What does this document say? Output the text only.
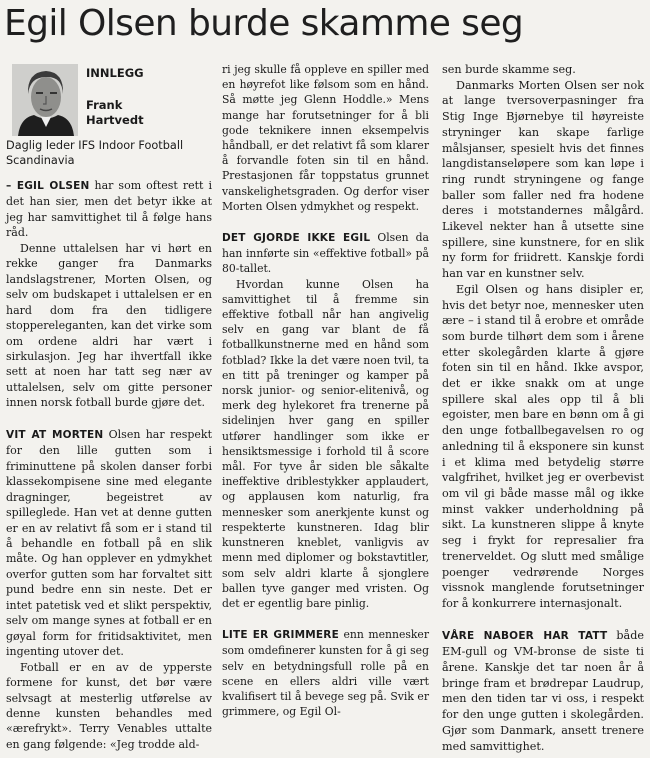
Egil Olsen burde skamme seg
INNLEGG
Frank
Hartvedt
Daglig leder IFS Indoor Football Scandinavia

– EGIL OLSEN har som oftest rett i det han sier, men det betyr ikke at jeg har samvittighet til å følge hans råd.

Denne uttalelsen har vi hørt en rekke ganger fra Danmarks landslagstrener, Morten Olsen, og selv om budskapet i uttalelsen er en hard dom fra den tidligere stoppereleganten, kan det virke som om ordene aldri har vært i sirkulasjon. Jeg har ihvertfall ikke sett at noen har tatt seg nær av uttalelsen, selv om gitte personer innen norsk fotball burde gjøre det.

VIT AT MORTEN Olsen har respekt for den lille gutten som i friminuttene på skolen danser forbi klassekompisene sine med elegante dragninger, begeistret av spilleglede. Han vet at denne gutten er en av relativt få som er i stand til å behandle en fotball på en slik måte. Og han opplever en ydmykhet overfor gutten som har forvaltet sitt pund bedre enn sin neste. Det er intet patetisk ved et slikt perspektiv, selv om mange synes at fotball er en gøyal form for fritidsaktivitet, men ingenting utover det.

Fotball er en av de ypperste formene for kunst, det bør være selvsagt at mesterlig utførelse av denne kunsten behandles med «ærefrykt». Terry Venables uttalte en gang følgende: «Jeg trodde ald-

ri jeg skulle få oppleve en spiller med en høyrefot like følsom som en hånd. Så møtte jeg Glenn Hoddle.» Mens mange har forutsetninger for å bli gode teknikere innen eksempelvis håndball, er det relativt få som klarer å forvandle foten sin til en hånd. Prestasjonen får toppstatus grunnet vanskelighetsgraden. Og derfor viser Morten Olsen ydmykhet og respekt.

DET GJORDE IKKE EGIL Olsen da han innførte sin «effektive fotball» på 80-tallet.

Hvordan kunne Olsen ha samvittighet til å fremme sin effektive fotball når han angivelig selv en gang var blant de få fotballkunstnerne med en hånd som fotblad? Ikke la det være noen tvil, ta en titt på treninger og kamper på norsk junior- og senior-elitenivå, og merk deg hylekoret fra trenerne på sidelinjen hver gang en spiller utfører handlinger som ikke er hensiktsmessige i forhold til å score mål. For tyve år siden ble såkalte ineffektive driblestykker applaudert, og applausen kom naturlig, fra mennesker som anerkjente kunst og respekterte kunstneren. Idag blir kunstneren kneblet, vanligvis av menn med diplomer og bokstavtitler, som selv aldri klarte å sjonglere ballen tyve ganger med vristen. Og det er egentlig bare pinlig.

LITE ER GRIMMERE enn mennesker som omdefinerer kunsten for å gi seg selv en betydningsfull rolle på en scene en ellers aldri ville vært kvalifisert til å bevege seg på. Svik er grimmere, og Egil Ol-

sen burde skamme seg.

Danmarks Morten Olsen ser nok at lange tversoverpasninger fra Stig Inge Bjørnebye til høyreiste stryninger kan skape farlige målsjanser, spesielt hvis det finnes langdistanseløpere som kan løpe i ring rundt stryningene og fange baller som faller ned fra hodene deres i motstandernes målgård. Likevel nekter han å utsette sine spillere, sine kunstnere, for en slik ny form for friidrett. Kanskje fordi han var en kunstner selv.

Egil Olsen og hans disipler er, hvis det betyr noe, mennesker uten ære – i stand til å erobre et område som burde tilhørt dem som i årene etter skolegården klarte å gjøre foten sin til en hånd. Ikke avspor, det er ikke snakk om at unge spillere skal ales opp til å bli egoister, men bare en bønn om å gi den unge fotballbegavelsen ro og anledning til å eksponere sin kunst i et klima med betydelig større valgfrihet, hvilket jeg er overbevist om vil gi både masse mål og ikke minst vakker underholdning på sikt. La kunstneren slippe å knyte seg i frykt for represalier fra trenerveldet. Og slutt med smålige poenger vedrørende Norges vissnok manglende forutsetninger for å konkurrere internasjonalt.

VÅRE NABOER HAR TATT både EM-gull og VM-bronse de siste ti årene. Kanskje det tar noen år å bringe fram et brødrepar Laudrup, men den tiden tar vi oss, i respekt for den unge gutten i skolegården. Gjør som Danmark, ansett trenere med samvittighet.
